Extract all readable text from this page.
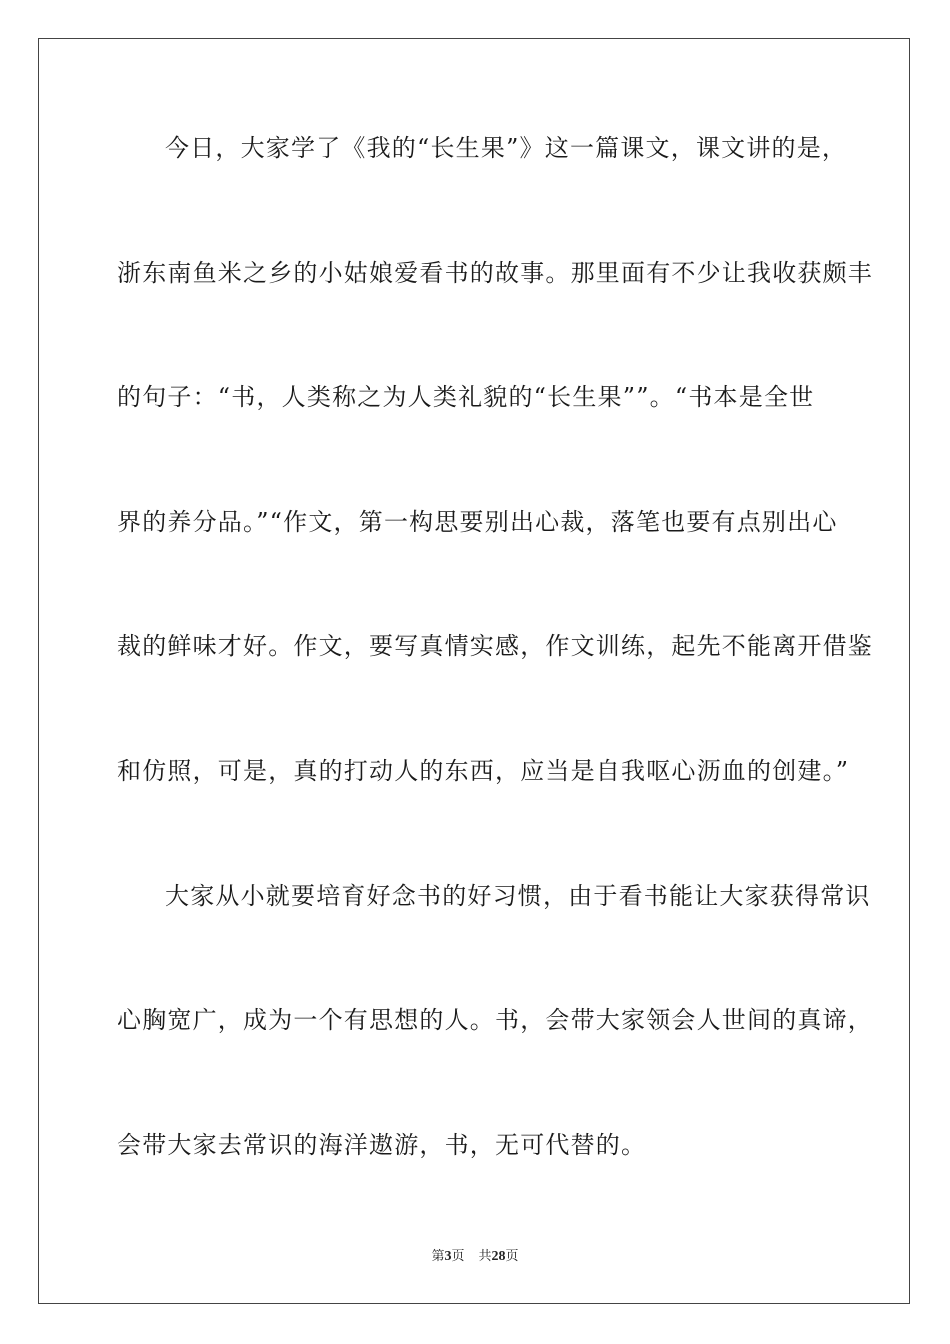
今日，大家学了《我的“长生果”》这一篇课文，课文讲的是，
浙东南鱼米之乡的小姑娘爱看书的故事。那里面有不少让我收获颇丰
的句子：“书，人类称之为人类礼貌的“长生果””。“书本是全世
界的养分品。”“作文，第一构思要别出心裁，落笔也要有点别出心
裁的鲜味才好。作文，要写真情实感，作文训练，起先不能离开借鉴
和仿照，可是，真的打动人的东西，应当是自我呕心沥血的创建。”
大家从小就要培育好念书的好习惯，由于看书能让大家获得常识
心胸宽广，成为一个有思想的人。书，会带大家领会人世间的真谛，
会带大家去常识的海洋遨游，书，无可代替的。
第3页 共28页
